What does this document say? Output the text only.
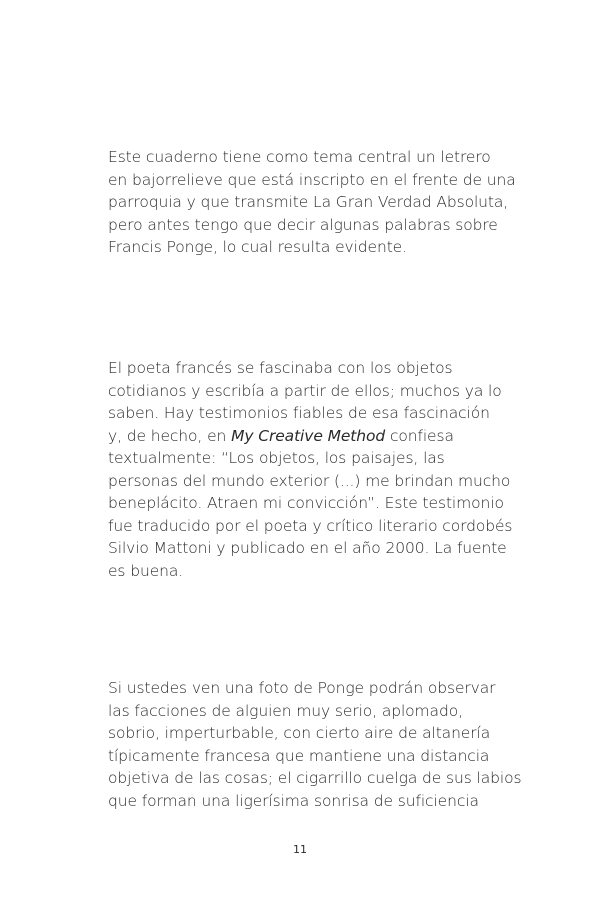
Este cuaderno tiene como tema central un letrero
en bajorrelieve que está inscripto en el frente de una
parroquia y que transmite La Gran Verdad Absoluta,
pero antes tengo que decir algunas palabras sobre
Francis Ponge, lo cual resulta evidente.

El poeta francés se fascinaba con los objetos
cotidianos y escribía a partir de ellos; muchos ya lo
saben. Hay testimonios fiables de esa fascinación
y, de hecho, en My Creative Method confiesa
textualmente: “Los objetos, los paisajes, las
personas del mundo exterior (...) me brindan mucho
beneplácito. Atraen mi convicción”. Este testimonio
fue traducido por el poeta y crítico literario cordobés
Silvio Mattoni y publicado en el año 2000. La fuente
es buena.

Si ustedes ven una foto de Ponge podrán observar
las facciones de alguien muy serio, aplomado,
sobrio, imperturbable, con cierto aire de altanería
típicamente francesa que mantiene una distancia
objetiva de las cosas; el cigarrillo cuelga de sus labios
que forman una ligerísima sonrisa de suficiencia

11
